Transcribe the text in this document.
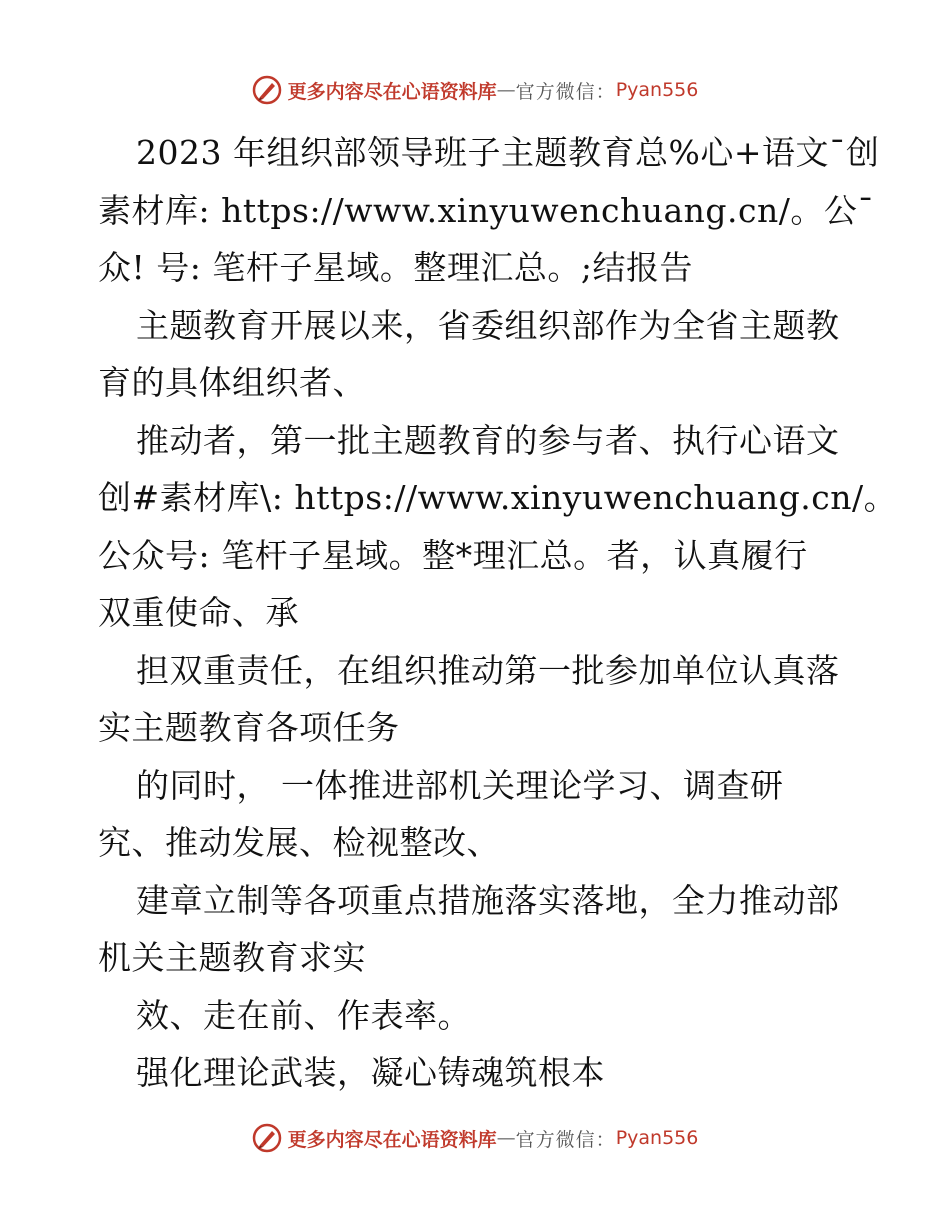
更多内容尽在心语资料库 — 官方微信： Pyan556
2023 年组织部领导班子主题教育总%心+语文¯创
素材库: https://www.xinyuwenchuang.cn/。公¯
众! 号: 笔杆子星域。整理汇总。;结报告
主题教育开展以来，省委组织部作为全省主题教
育的具体组织者、
推动者，第一批主题教育的参与者、执行心语文
创#素材库\: https://www.xinyuwenchuang.cn/。
公众号: 笔杆子星域。整*理汇总。者，认真履行
双重使命、承
担双重责任，在组织推动第一批参加单位认真落
实主题教育各项任务
的同时， 一体推进部机关理论学习、调查研
究、推动发展、检视整改、
建章立制等各项重点措施落实落地，全力推动部
机关主题教育求实
效、走在前、作表率。
强化理论武装，凝心铸魂筑根本
更多内容尽在心语资料库 — 官方微信： Pyan556
